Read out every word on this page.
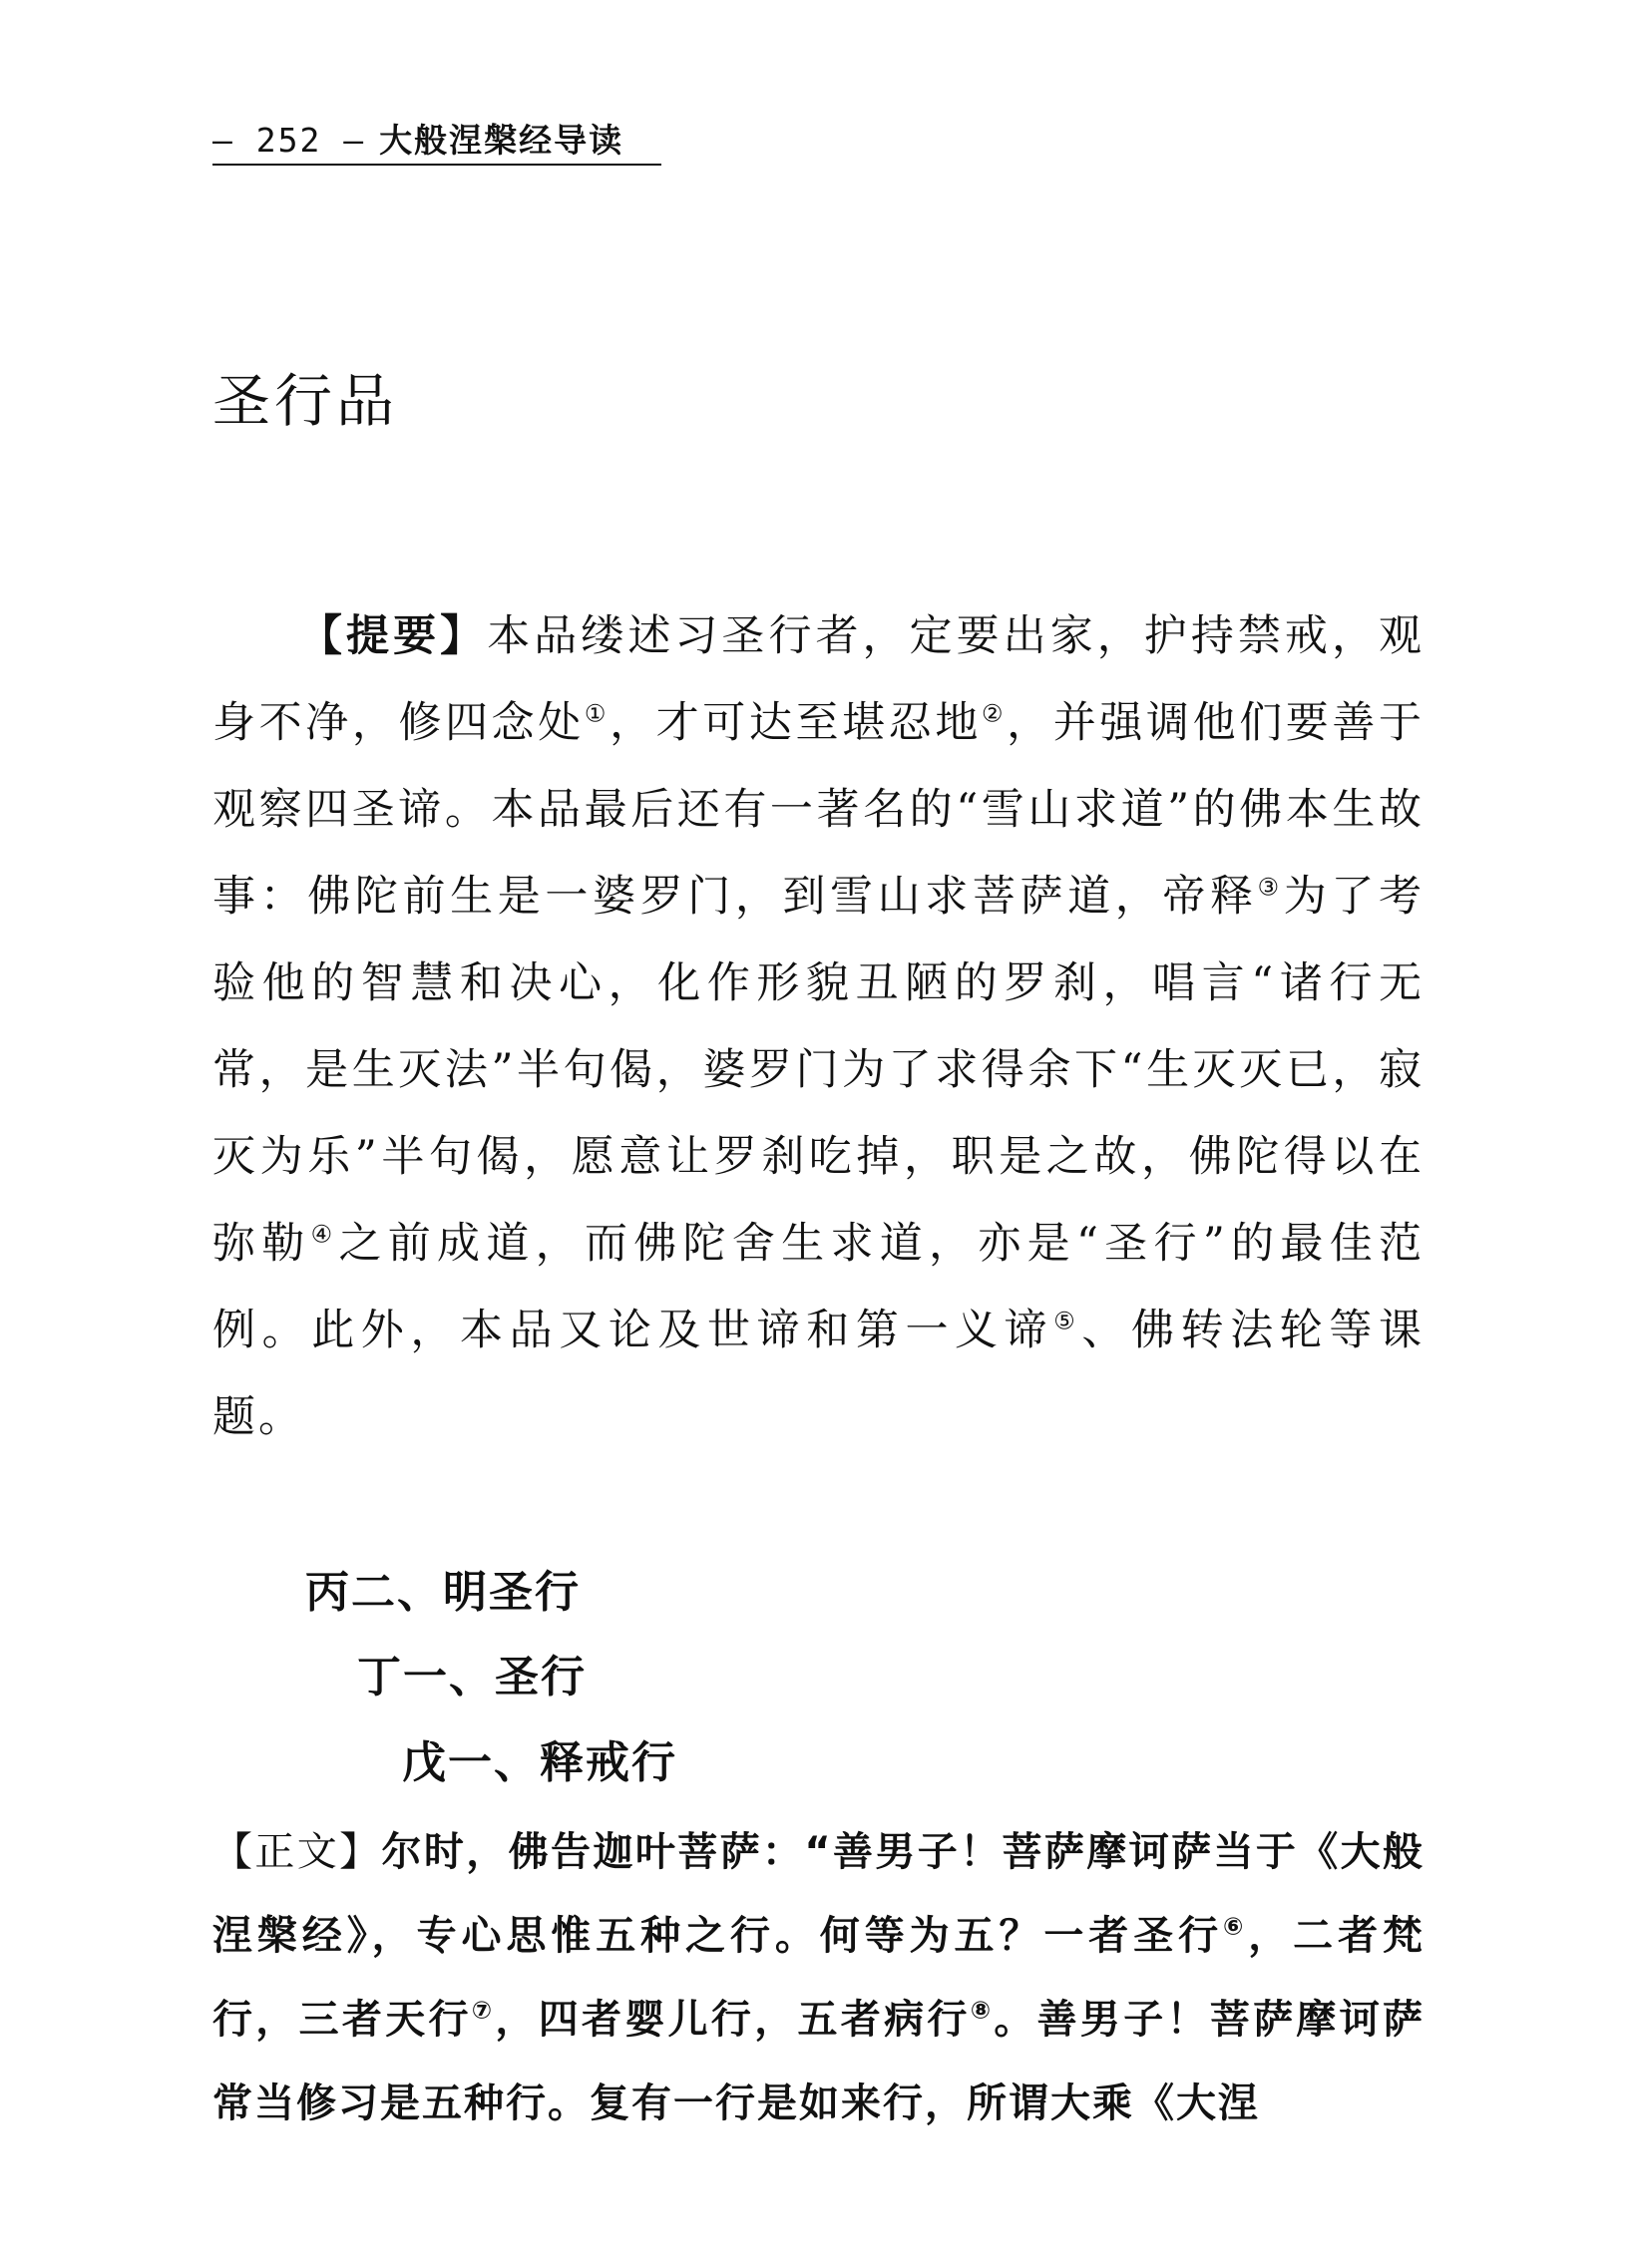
— 252 — 大般涅槃经导读
圣行品

【提要】本品缕述习圣行者，定要出家，护持禁戒，观身不净，修四念处①，才可达至堪忍地②，并强调他们要善于观察四圣谛。本品最后还有一著名的“雪山求道”的佛本生故事：佛陀前生是一婆罗门，到雪山求菩萨道，帝释③为了考验他的智慧和决心，化作形貌丑陋的罗刹，唱言“诸行无常，是生灭法”半句偈，婆罗门为了求得余下“生灭灭已，寂灭为乐”半句偈，愿意让罗刹吃掉，职是之故，佛陀得以在弥勒④之前成道，而佛陀舍生求道，亦是“圣行”的最佳范例。此外，本品又论及世谛和第一义谛⑤、佛转法轮等课题。

丙二、明圣行
丁一、圣行
戊一、释戒行

【正文】尔时，佛告迦叶菩萨：“善男子！菩萨摩诃萨当于《大般涅槃经》，专心思惟五种之行。何等为五？一者圣行⑥，二者梵行，三者天行⑦，四者婴儿行，五者病行⑧。善男子！菩萨摩诃萨常当修习是五种行。复有一行是如来行，所谓大乘《大涅
